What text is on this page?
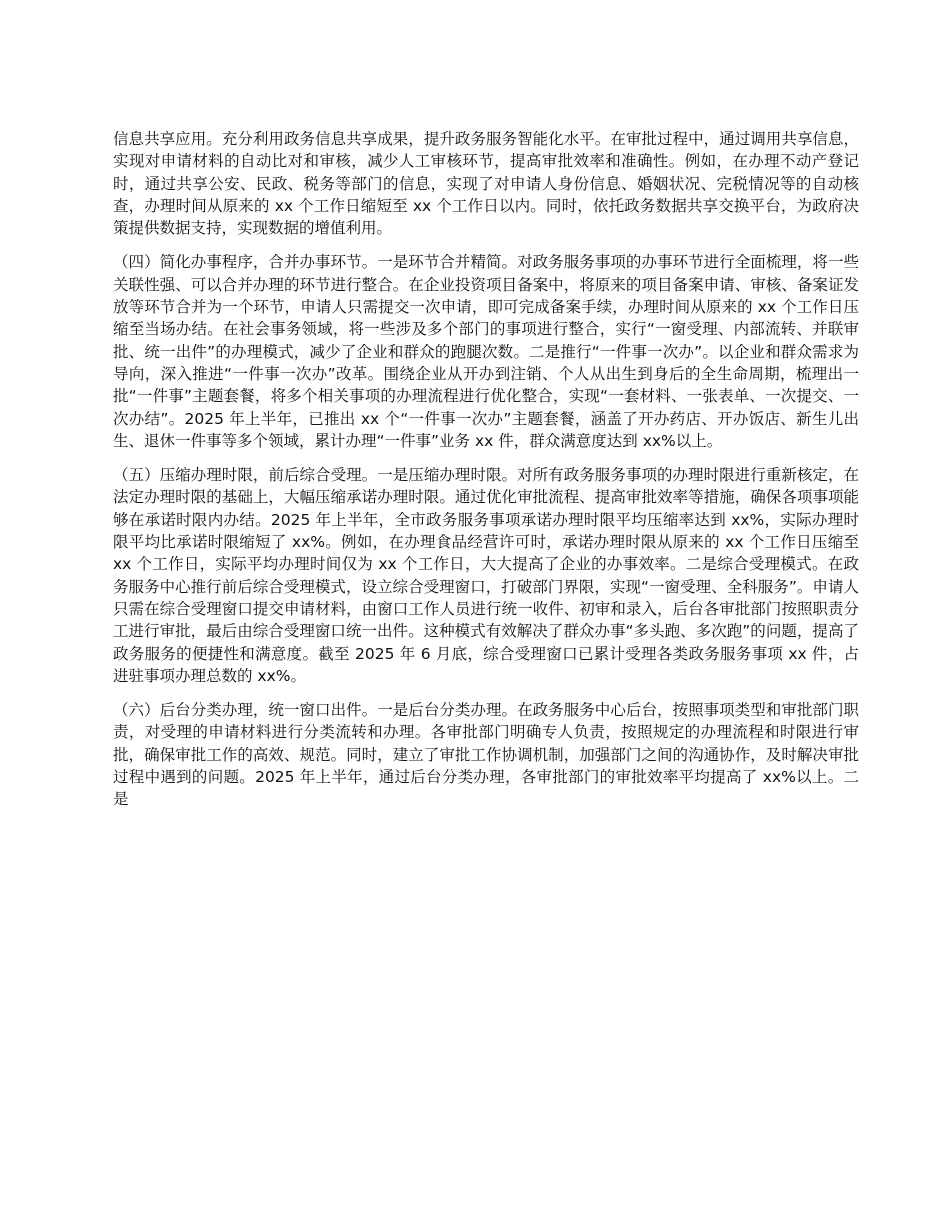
信息共享应用。充分利用政务信息共享成果，提升政务服务智能化水平。在审批过程中，通过调用共享信息，实现对申请材料的自动比对和审核，减少人工审核环节，提高审批效率和准确性。例如，在办理不动产登记时，通过共享公安、民政、税务等部门的信息，实现了对申请人身份信息、婚姻状况、完税情况等的自动核查，办理时间从原来的 xx 个工作日缩短至 xx 个工作日以内。同时，依托政务数据共享交换平台，为政府决策提供数据支持，实现数据的增值利用。

（四）简化办事程序，合并办事环节。一是环节合并精简。对政务服务事项的办事环节进行全面梳理，将一些关联性强、可以合并办理的环节进行整合。在企业投资项目备案中，将原来的项目备案申请、审核、备案证发放等环节合并为一个环节，申请人只需提交一次申请，即可完成备案手续，办理时间从原来的 xx 个工作日压缩至当场办结。在社会事务领域，将一些涉及多个部门的事项进行整合，实行“一窗受理、内部流转、并联审批、统一出件”的办理模式，减少了企业和群众的跑腿次数。二是推行“一件事一次办”。以企业和群众需求为导向，深入推进“一件事一次办”改革。围绕企业从开办到注销、个人从出生到身后的全生命周期，梳理出一批“一件事”主题套餐，将多个相关事项的办理流程进行优化整合，实现“一套材料、一张表单、一次提交、一次办结”。2025 年上半年，已推出 xx 个“一件事一次办”主题套餐，涵盖了开办药店、开办饭店、新生儿出生、退休一件事等多个领域，累计办理“一件事”业务 xx 件，群众满意度达到 xx%以上。

（五）压缩办理时限，前后综合受理。一是压缩办理时限。对所有政务服务事项的办理时限进行重新核定，在法定办理时限的基础上，大幅压缩承诺办理时限。通过优化审批流程、提高审批效率等措施，确保各项事项能够在承诺时限内办结。2025 年上半年，全市政务服务事项承诺办理时限平均压缩率达到 xx%，实际办理时限平均比承诺时限缩短了 xx%。例如，在办理食品经营许可时，承诺办理时限从原来的 xx 个工作日压缩至 xx 个工作日，实际平均办理时间仅为 xx 个工作日，大大提高了企业的办事效率。二是综合受理模式。在政务服务中心推行前后综合受理模式，设立综合受理窗口，打破部门界限，实现“一窗受理、全科服务”。申请人只需在综合受理窗口提交申请材料，由窗口工作人员进行统一收件、初审和录入，后台各审批部门按照职责分工进行审批，最后由综合受理窗口统一出件。这种模式有效解决了群众办事“多头跑、多次跑”的问题，提高了政务服务的便捷性和满意度。截至 2025 年 6 月底，综合受理窗口已累计受理各类政务服务事项 xx 件，占进驻事项办理总数的 xx%。

（六）后台分类办理，统一窗口出件。一是后台分类办理。在政务服务中心后台，按照事项类型和审批部门职责，对受理的申请材料进行分类流转和办理。各审批部门明确专人负责，按照规定的办理流程和时限进行审批，确保审批工作的高效、规范。同时，建立了审批工作协调机制，加强部门之间的沟通协作，及时解决审批过程中遇到的问题。2025 年上半年，通过后台分类办理，各审批部门的审批效率平均提高了 xx%以上。二是
